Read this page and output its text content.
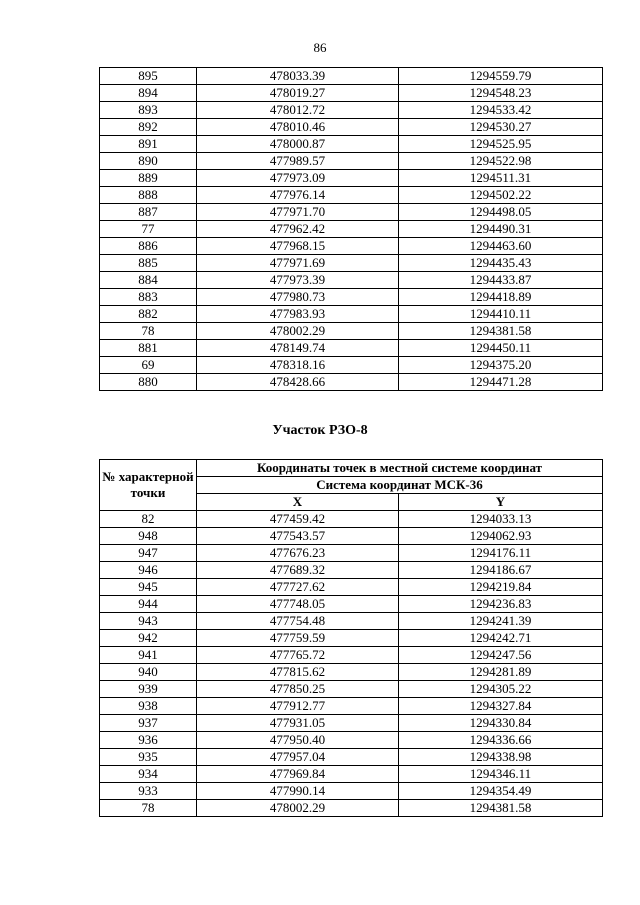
86
895	478033.39	1294559.79
894	478019.27	1294548.23
893	478012.72	1294533.42
892	478010.46	1294530.27
891	478000.87	1294525.95
890	477989.57	1294522.98
889	477973.09	1294511.31
888	477976.14	1294502.22
887	477971.70	1294498.05
77	477962.42	1294490.31
886	477968.15	1294463.60
885	477971.69	1294435.43
884	477973.39	1294433.87
883	477980.73	1294418.89
882	477983.93	1294410.11
78	478002.29	1294381.58
881	478149.74	1294450.11
69	478318.16	1294375.20
880	478428.66	1294471.28
Участок РЗО-8
№ характерной точки	Координаты точек в местной системе координат	
	Система координат МСК-36	
	X	Y
82	477459.42	1294033.13
948	477543.57	1294062.93
947	477676.23	1294176.11
946	477689.32	1294186.67
945	477727.62	1294219.84
944	477748.05	1294236.83
943	477754.48	1294241.39
942	477759.59	1294242.71
941	477765.72	1294247.56
940	477815.62	1294281.89
939	477850.25	1294305.22
938	477912.77	1294327.84
937	477931.05	1294330.84
936	477950.40	1294336.66
935	477957.04	1294338.98
934	477969.84	1294346.11
933	477990.14	1294354.49
78	478002.29	1294381.58
